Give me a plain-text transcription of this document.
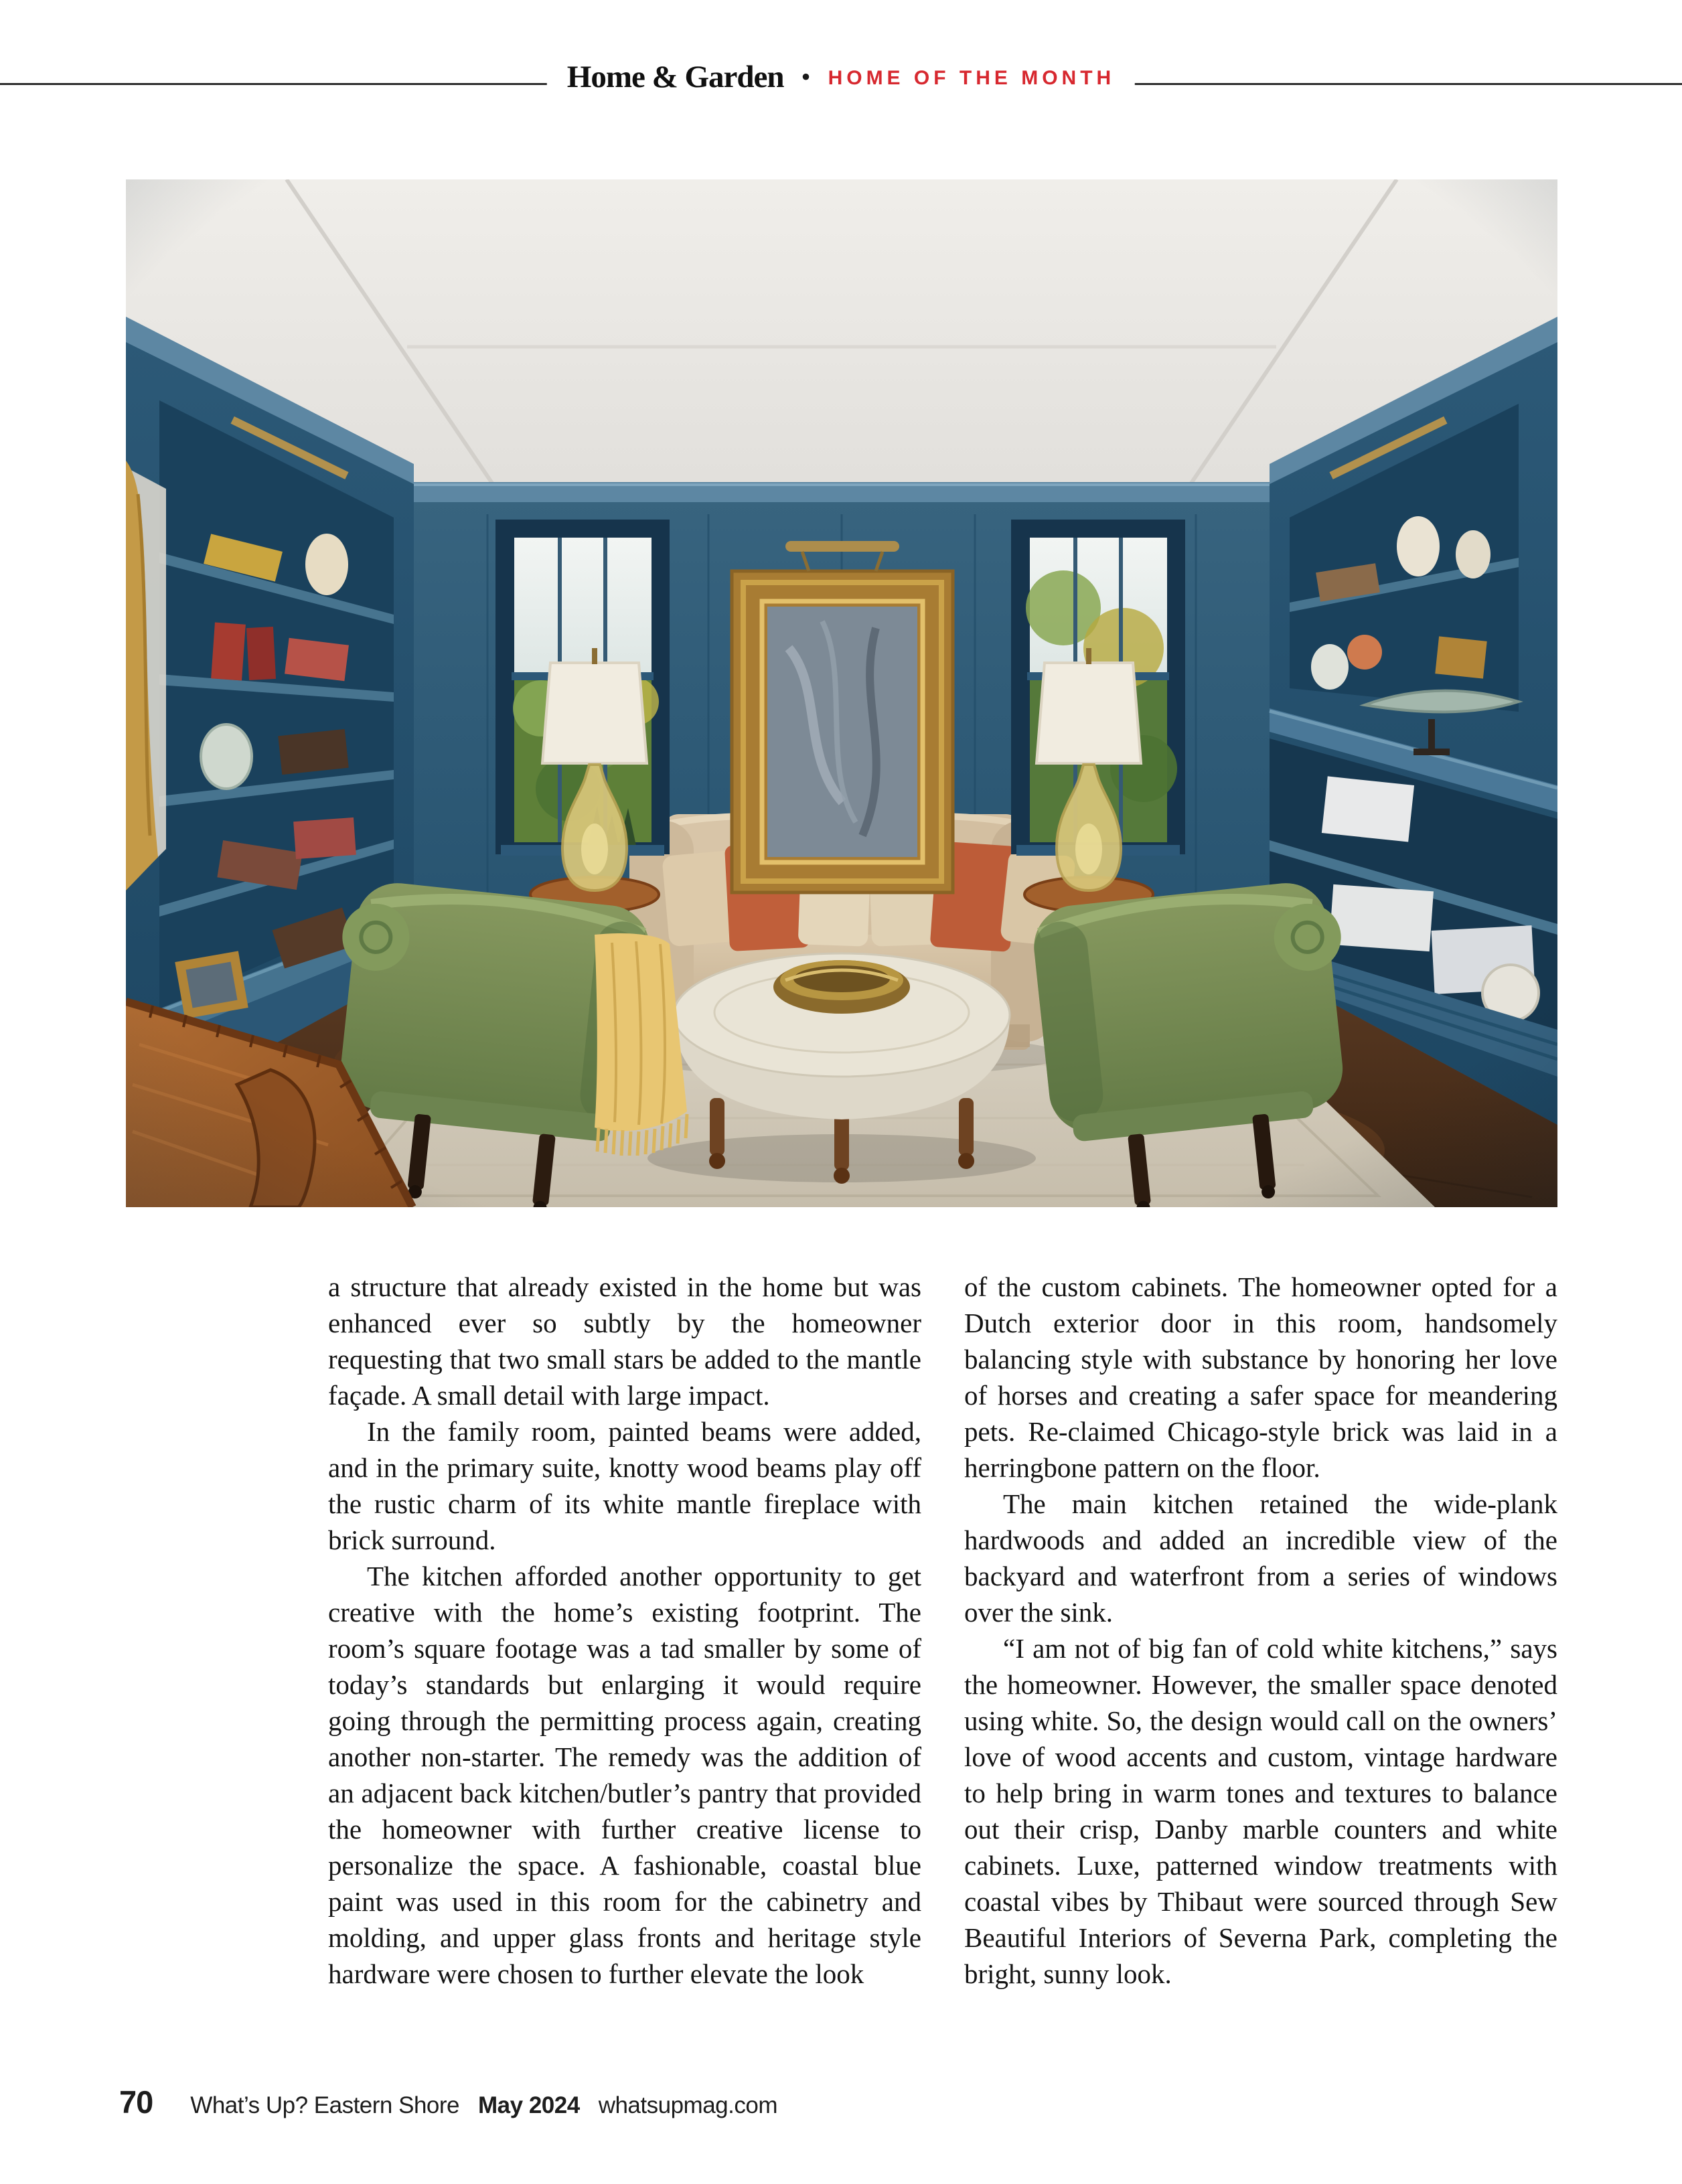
Home & Garden • HOME OF THE MONTH

a structure that already existed in the home but was enhanced ever so subtly by the homeowner requesting that two small stars be added to the mantle façade. A small detail with large impact.

In the family room, painted beams were added, and in the primary suite, knotty wood beams play off the rustic charm of its white mantle fireplace with brick surround.

The kitchen afforded another opportunity to get creative with the home’s existing footprint. The room’s square footage was a tad smaller by some of today’s standards but enlarging it would require going through the permitting process again, creating another non-starter. The remedy was the addition of an adjacent back kitchen/butler’s pantry that provided the homeowner with further creative license to personalize the space. A fashionable, coastal blue paint was used in this room for the cabinetry and molding, and upper glass fronts and heritage style hardware were chosen to further elevate the look

of the custom cabinets. The homeowner opted for a Dutch exterior door in this room, handsomely balancing style with substance by honoring her love of horses and creating a safer space for meandering pets. Re-claimed Chicago-style brick was laid in a herringbone pattern on the floor.

The main kitchen retained the wide-plank hardwoods and added an incredible view of the backyard and waterfront from a series of windows over the sink.

“I am not of big fan of cold white kitchens,” says the homeowner. However, the smaller space denoted using white. So, the design would call on the owners’ love of wood accents and custom, vintage hardware to help bring in warm tones and textures to balance out their crisp, Danby marble counters and white cabinets. Luxe, patterned window treatments with coastal vibes by Thibaut were sourced through Sew Beautiful Interiors of Severna Park, completing the bright, sunny look.

70 What’s Up? Eastern Shore May 2024 whatsupmag.com
